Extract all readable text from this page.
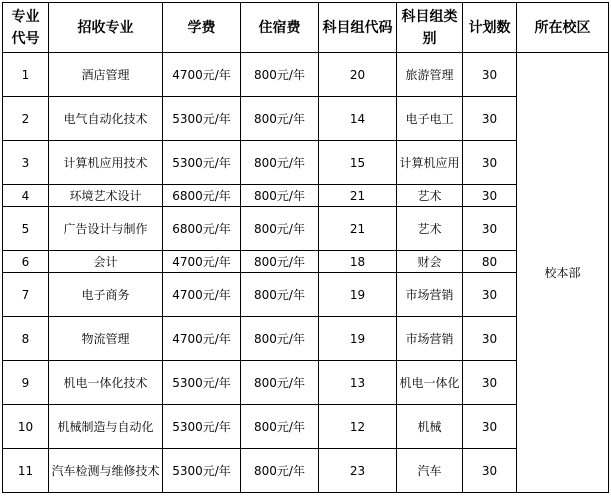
专业代号	招收专业	学费	住宿费	科目组代码	科目组类别	计划数	所在校区
1	酒店管理	4700元/年	800元/年	20	旅游管理	30	校本部
2	电气自动化技术	5300元/年	800元/年	14	电子电工	30	
3	计算机应用技术	5300元/年	800元/年	15	计算机应用	30	
4	环境艺术设计	6800元/年	800元/年	21	艺术	30	
5	广告设计与制作	6800元/年	800元/年	21	艺术	30	
6	会计	4700元/年	800元/年	18	财会	80	
7	电子商务	4700元/年	800元/年	19	市场营销	30	
8	物流管理	4700元/年	800元/年	19	市场营销	30	
9	机电一体化技术	5300元/年	800元/年	13	机电一体化	30	
10	机械制造与自动化	5300元/年	800元/年	12	机械	30	
11	汽车检测与维修技术	5300元/年	800元/年	23	汽车	30	
